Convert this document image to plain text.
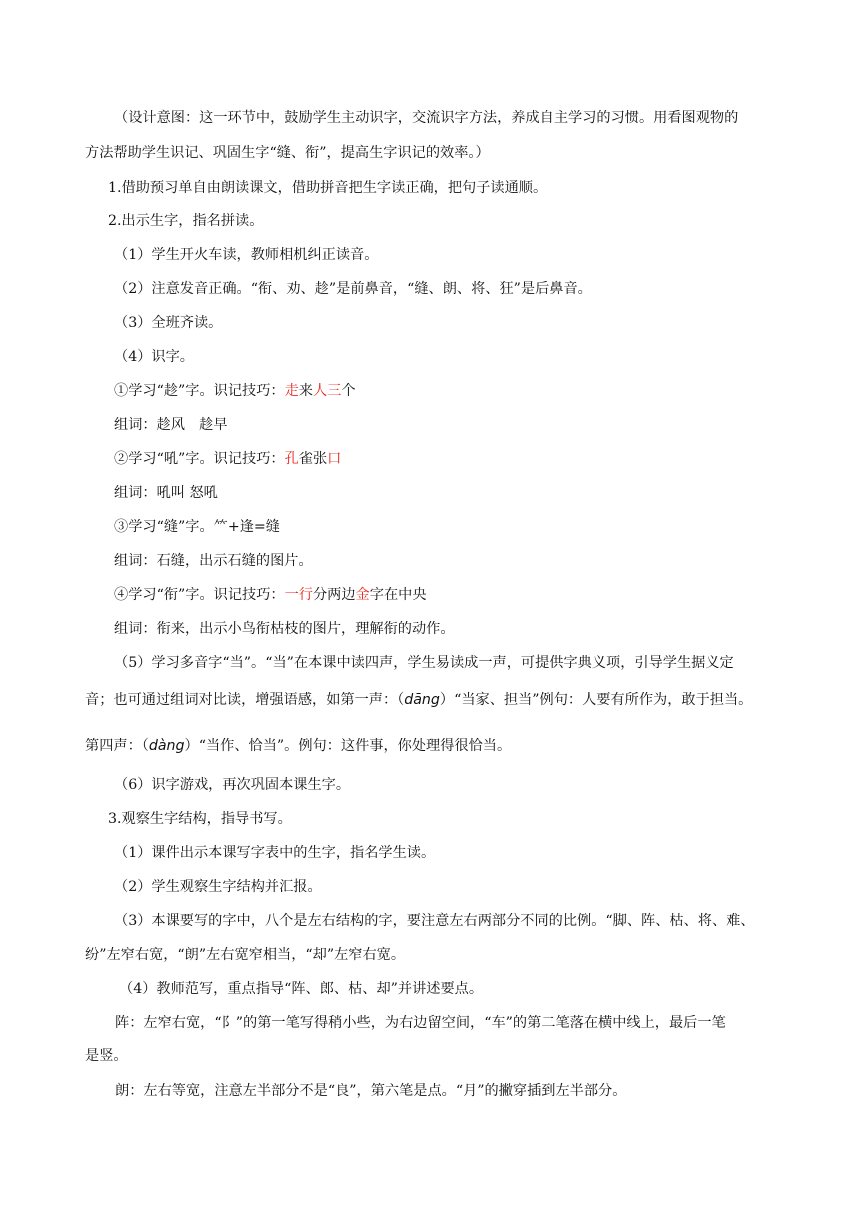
（设计意图：这一环节中，鼓励学生主动识字，交流识字方法，养成自主学习的习惯。用看图观物的
方法帮助学生识记、巩固生字“缝、衔”，提高生字识记的效率。）
1.借助预习单自由朗读课文，借助拼音把生字读正确，把句子读通顺。
2.出示生字，指名拼读。
（1）学生开火车读，教师相机纠正读音。
（2）注意发音正确。“衔、劝、趁”是前鼻音，“缝、朗、将、狂”是后鼻音。
（3）全班齐读。
（4）识字。
①学习“趁”字。识记技巧：走来人三个
组词：趁风　趁早
②学习“吼”字。识记技巧：孔雀张口
组词：吼叫 怒吼
③学习“缝”字。⺮+逢=缝
组词：石缝，出示石缝的图片。
④学习“衔”字。识记技巧：一行分两边金字在中央
组词：衔来，出示小鸟衔枯枝的图片，理解衔的动作。
（5）学习多音字“当”。“当”在本课中读四声，学生易读成一声，可提供字典义项，引导学生据义定
音；也可通过组词对比读，增强语感，如第一声：（dāng）“当家、担当”例句：人要有所作为，敢于担当。
第四声：（dàng）“当作、恰当”。例句：这件事，你处理得很恰当。
（6）识字游戏，再次巩固本课生字。
3.观察生字结构，指导书写。
（1）课件出示本课写字表中的生字，指名学生读。
（2）学生观察生字结构并汇报。
（3）本课要写的字中，八个是左右结构的字，要注意左右两部分不同的比例。“脚、阵、枯、将、难、
纷”左窄右宽，“朗”左右宽窄相当，“却”左窄右宽。
（4）教师范写，重点指导“阵、郎、枯、却”并讲述要点。
阵：左窄右宽，“阝”的第一笔写得稍小些，为右边留空间，“车”的第二笔落在横中线上，最后一笔
是竖。
朗：左右等宽，注意左半部分不是“良”，第六笔是点。“月”的撇穿插到左半部分。
